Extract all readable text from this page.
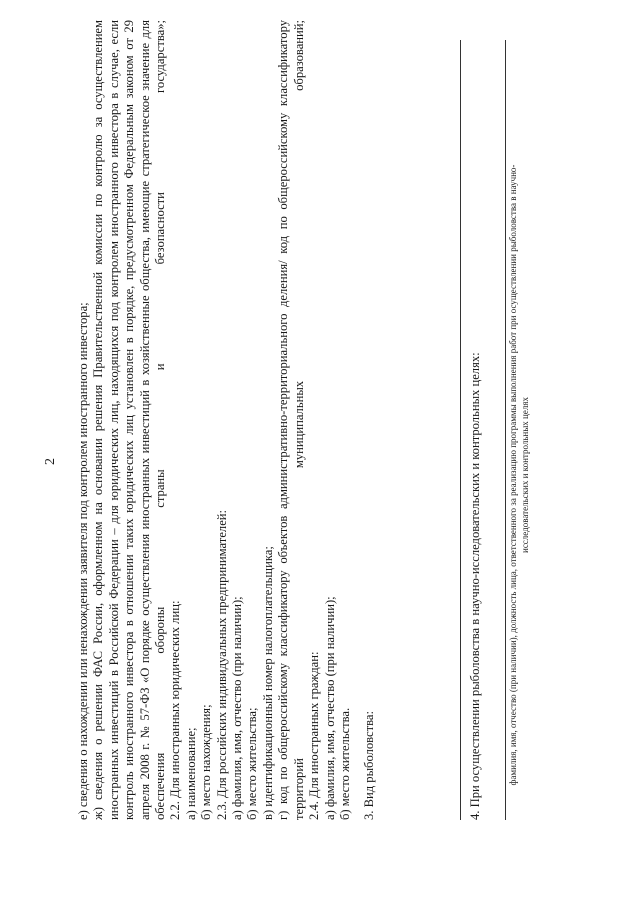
2 е) сведения о нахождении или ненахождении заявителя под контролем иностранного инвестора; ж) сведения о решении ФАС России, оформленном на основании решения Правительственной комиссии по контролю за осуществлением иностранных инвестиций в Российской Федерации – для юридических лиц, находящихся под контролем иностранного инвестора в случае, если контроль иностранного инвестора в отношении таких юридических лиц установлен в порядке, предусмотренном Федеральным законом от 29 апреля 2008 г. № 57-ФЗ «О порядке осуществления иностранных инвестиций в хозяйственные общества, имеющие стратегическое значение для обеспечения обороны страны и безопасности государства»; 2.2. Для иностранных юридических лиц: а) наименование; б) место нахождения; 2.3. Для российских индивидуальных предпринимателей: а) фамилия, имя, отчество (при наличии); б) место жительства; в) идентификационный номер налогоплательщика; г) код по общероссийскому классификатору объектов административно-территориального деления/ код по общероссийскому классификатору территорий муниципальных образований; 2.4. Для иностранных граждан: а) фамилия, имя, отчество (при наличии); б) место жительства. 3. Вид рыболовства:	4. При осуществлении рыболовства в научно-исследовательских и контрольных целях:	фамилия, имя, отчество (при наличии), должность лица, ответственного за реализацию программы выполнения работ при осуществлении рыболовства в научно-исследовательских и контрольных целях
